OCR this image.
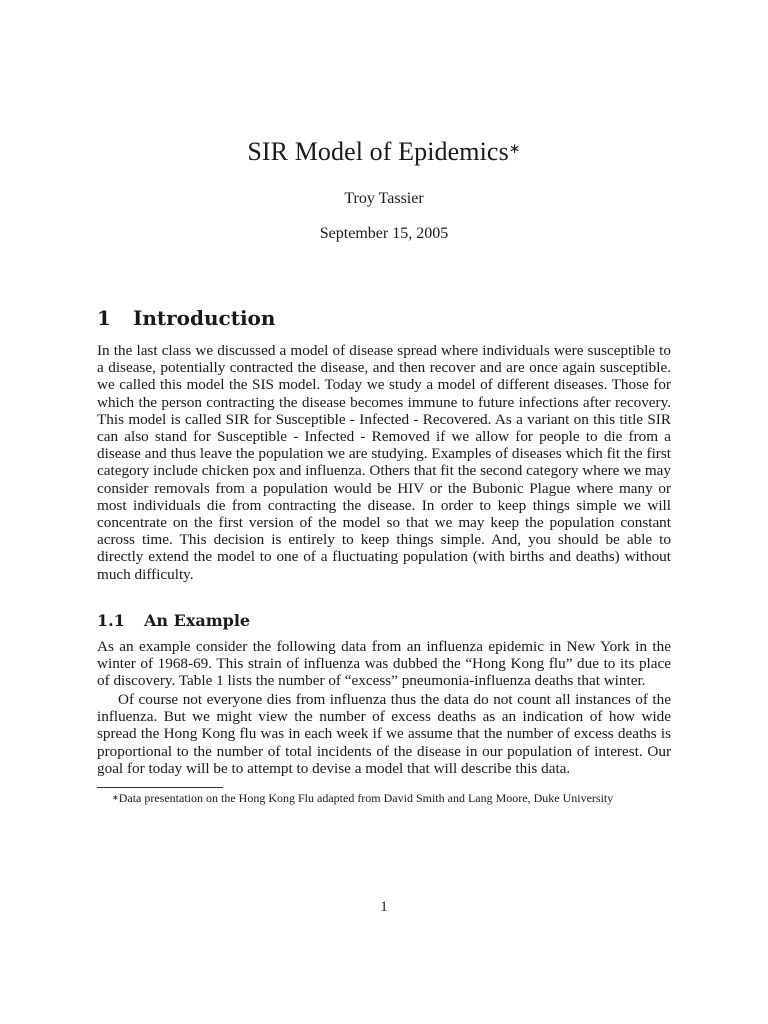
SIR Model of Epidemics∗
Troy Tassier
September 15, 2005
1 Introduction

In the last class we discussed a model of disease spread where individuals were susceptible to a disease, potentially contracted the disease, and then recover and are once again susceptible. we called this model the SIS model. Today we study a model of different diseases. Those for which the person contracting the disease becomes immune to future infections after recovery. This model is called SIR for Susceptible - Infected - Recovered. As a variant on this title SIR can also stand for Susceptible - Infected - Removed if we allow for people to die from a disease and thus leave the population we are studying. Examples of diseases which fit the first category include chicken pox and influenza. Others that fit the second category where we may consider removals from a population would be HIV or the Bubonic Plague where many or most individuals die from contracting the disease. In order to keep things simple we will concentrate on the first version of the model so that we may keep the population constant across time. This decision is entirely to keep things simple. And, you should be able to directly extend the model to one of a fluctuating population (with births and deaths) without much difficulty.

1.1 An Example

As an example consider the following data from an influenza epidemic in New York in the winter of 1968-69. This strain of influenza was dubbed the “Hong Kong flu” due to its place of discovery. Table 1 lists the number of “excess” pneumonia-influenza deaths that winter.

Of course not everyone dies from influenza thus the data do not count all instances of the influenza. But we might view the number of excess deaths as an indication of how wide spread the Hong Kong flu was in each week if we assume that the number of excess deaths is proportional to the number of total incidents of the disease in our population of interest. Our goal for today will be to attempt to devise a model that will describe this data.

∗Data presentation on the Hong Kong Flu adapted from David Smith and Lang Moore, Duke University
1
